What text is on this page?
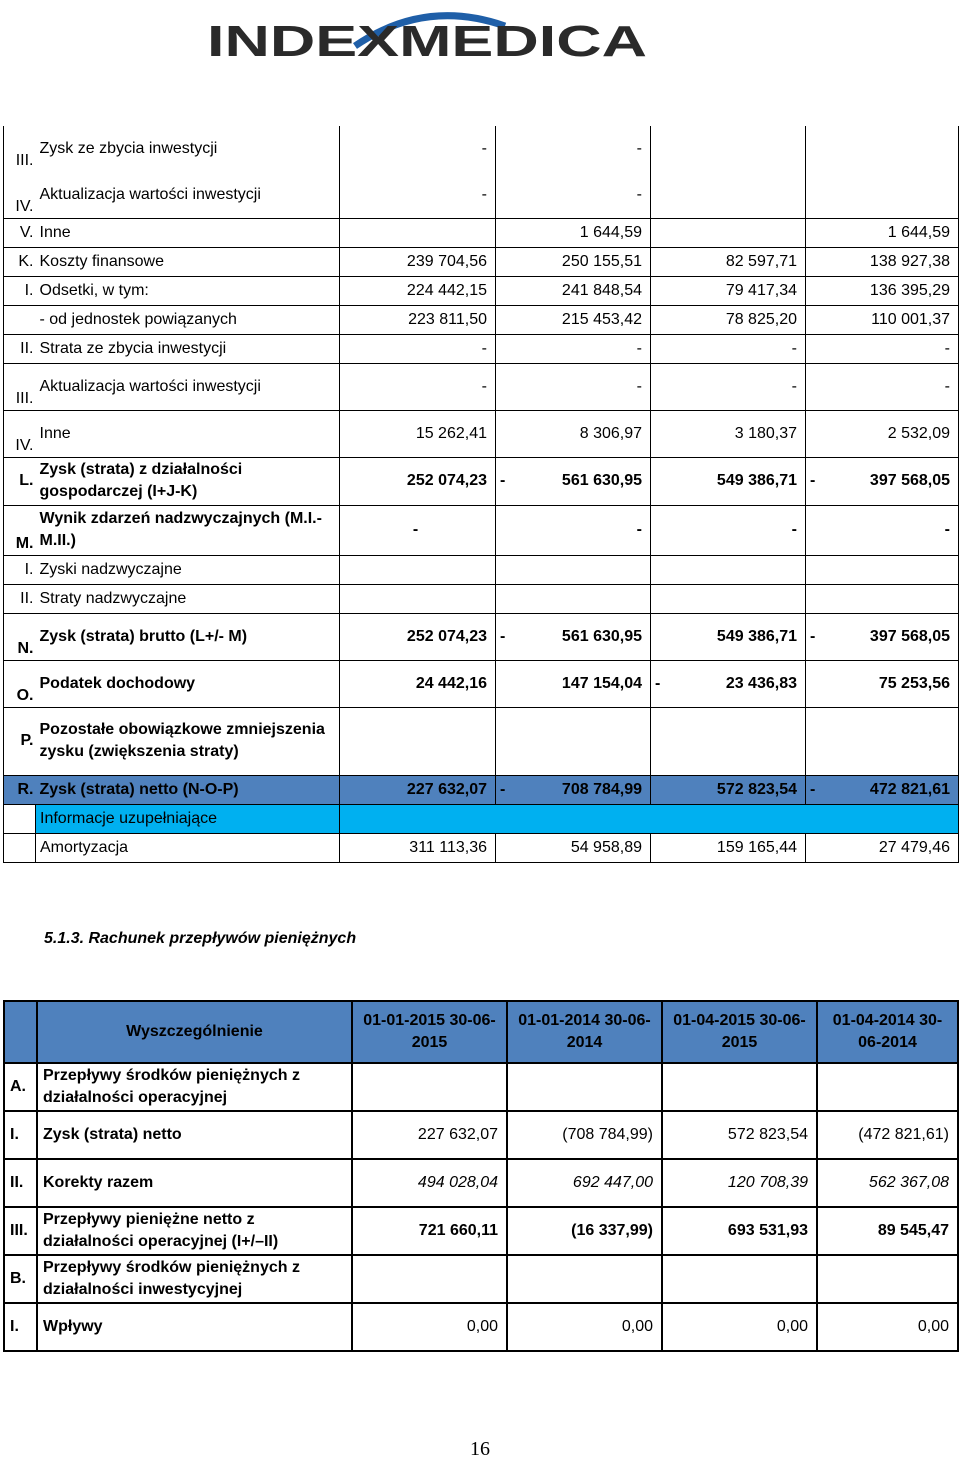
INDEXMEDICA
III.	Zysk ze zbycia inwestycji	-	-		
IV.	Aktualizacja wartości inwestycji	-	-		
V.	Inne		1 644,59		1 644,59
K.	Koszty finansowe	239 704,56	250 155,51	82 597,71	138 927,38
I.	Odsetki, w tym:	224 442,15	241 848,54	79 417,34	136 395,29
	- od jednostek powiązanych	223 811,50	215 453,42	78 825,20	110 001,37
II.	Strata ze zbycia inwestycji	-	-	-	-
III.	Aktualizacja wartości inwestycji	-	-	-	-
IV.	Inne	15 262,41	8 306,97	3 180,37	2 532,09
L.	Zysk (strata) z działalności gospodarczej (I+J-K)	252 074,23	- 561 630,95	549 386,71	- 397 568,05

M.	Wynik zdarzeń nadzwyczajnych (M.I.-M.II.)	-	-	-	-
I.	Zyski nadzwyczajne				
II.	Straty nadzwyczajne				
N.	Zysk (strata) brutto (L+/- M)	252 074,23	- 561 630,95	549 386,71	- 397 568,05

O.	Podatek dochodowy	24 442,16	147 154,04	- 23 436,83	75 253,56
P.	Pozostałe obowiązkowe zmniejszenia zysku (zwiększenia straty)				
R.	Zysk (strata) netto (N-O-P)	227 632,07	- 708 784,99	572 823,54	- 472 821,61

	Informacje uzupełniające				
	Amortyzacja	311 113,36	54 958,89	159 165,44	27 479,46
5.1.3. Rachunek przepływów pieniężnych
	Wyszczególnienie	01-01-2015 30-06-2015	01-01-2014 30-06-2014	01-04-2015 30-06-2015	01-04-2014 30-06-2014
A.	Przepływy środków pieniężnych z działalności operacyjnej				
I.	Zysk (strata) netto	227 632,07	(708 784,99)	572 823,54	(472 821,61)
II.	Korekty razem	494 028,04	692 447,00	120 708,39	562 367,08
III.	Przepływy pieniężne netto z działalności operacyjnej (I+/–II)	721 660,11	(16 337,99)	693 531,93	89 545,47
B.	Przepływy środków pieniężnych z działalności inwestycyjnej				
I.	Wpływy	0,00	0,00	0,00	0,00
16
